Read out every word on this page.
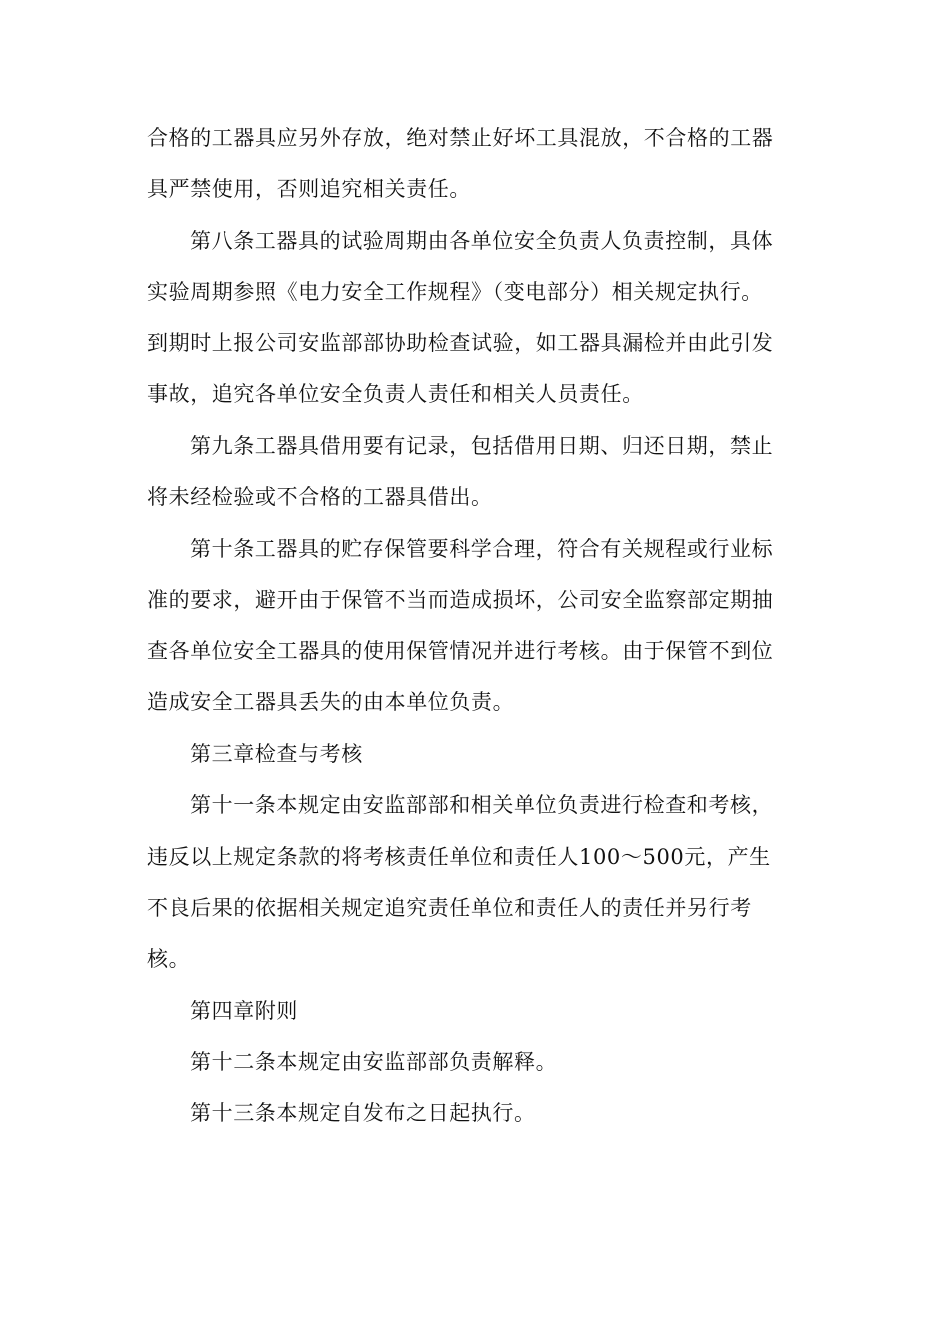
合格的工器具应另外存放，绝对禁止好坏工具混放，不合格的工器
具严禁使用，否则追究相关责任。
第八条工器具的试验周期由各单位安全负责人负责控制，具体
实验周期参照《电力安全工作规程》（变电部分）相关规定执行。
到期时上报公司安监部部协助检查试验，如工器具漏检并由此引发
事故，追究各单位安全负责人责任和相关人员责任。
第九条工器具借用要有记录，包括借用日期、归还日期，禁止
将未经检验或不合格的工器具借出。
第十条工器具的贮存保管要科学合理，符合有关规程或行业标
准的要求，避开由于保管不当而造成损坏，公司安全监察部定期抽
查各单位安全工器具的使用保管情况并进行考核。由于保管不到位
造成安全工器具丢失的由本单位负责。
第三章检查与考核
第十一条本规定由安监部部和相关单位负责进行检查和考核，
违反以上规定条款的将考核责任单位和责任人100～500元，产生
不良后果的依据相关规定追究责任单位和责任人的责任并另行考
核。
第四章附则
第十二条本规定由安监部部负责解释。
第十三条本规定自发布之日起执行。
